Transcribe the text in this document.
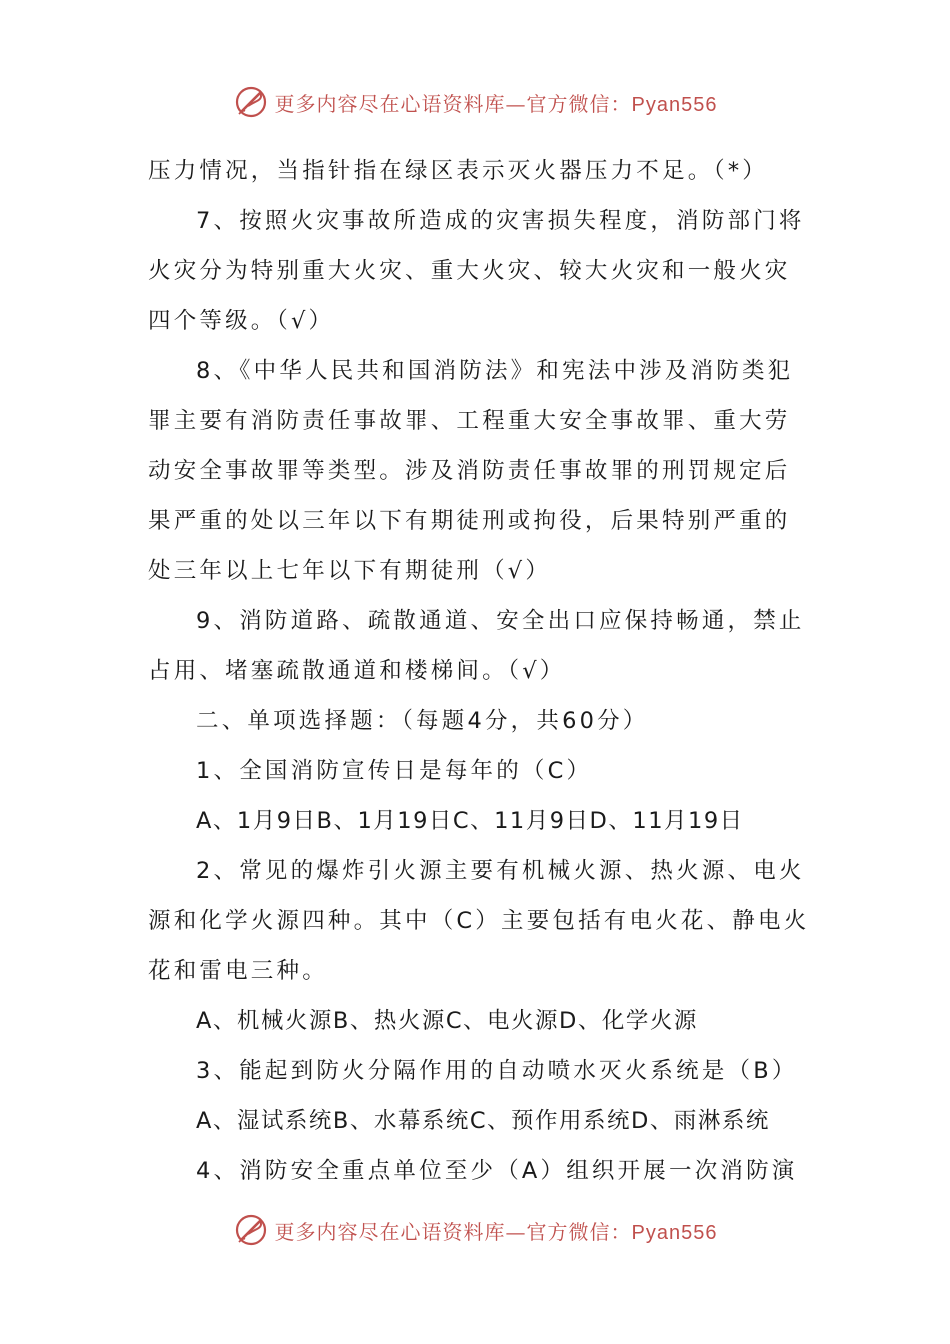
更多内容尽在心语资料库—官方微信：Pyan556
压力情况，当指针指在绿区表示灭火器压力不足。（*）
7、按照火灾事故所造成的灾害损失程度，消防部门将
火灾分为特别重大火灾、重大火灾、较大火灾和一般火灾
四个等级。（√）
8、《中华人民共和国消防法》和宪法中涉及消防类犯
罪主要有消防责任事故罪、工程重大安全事故罪、重大劳
动安全事故罪等类型。涉及消防责任事故罪的刑罚规定后
果严重的处以三年以下有期徒刑或拘役，后果特别严重的
处三年以上七年以下有期徒刑（√）
9、消防道路、疏散通道、安全出口应保持畅通，禁止
占用、堵塞疏散通道和楼梯间。（√）
二、单项选择题：（每题4分，共60分）
1、全国消防宣传日是每年的（C）
A、1月9日B、1月19日C、11月9日D、11月19日
2、常见的爆炸引火源主要有机械火源、热火源、电火
源和化学火源四种。其中（C）主要包括有电火花、静电火
花和雷电三种。
A、机械火源B、热火源C、电火源D、化学火源
3、能起到防火分隔作用的自动喷水灭火系统是（B）
A、湿试系统B、水幕系统C、预作用系统D、雨淋系统
4、消防安全重点单位至少（A）组织开展一次消防演
更多内容尽在心语资料库—官方微信：Pyan556
